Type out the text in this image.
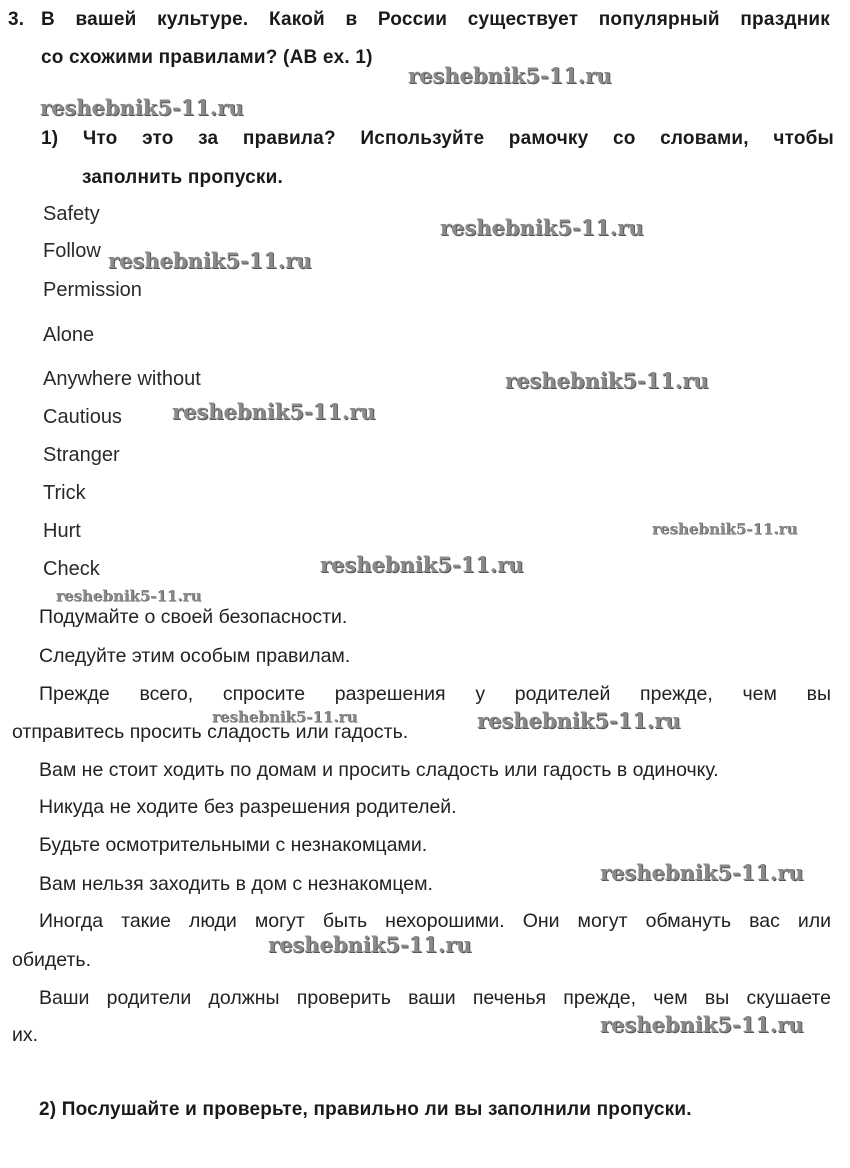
3. В вашей культуре. Какой в России существует популярный праздник
со схожими правилами? (AB ex. 1)
1) Что это за правила? Используйте рамочку со словами, чтобы
заполнить пропуски.
Safety
Follow
Permission
Alone
Anywhere without
Cautious
Stranger
Trick
Hurt
Check
Подумайте о своей безопасности.
Следуйте этим особым правилам.
Прежде всего, спросите разрешения у родителей прежде, чем вы
отправитесь просить сладость или гадость.
Вам не стоит ходить по домам и просить сладость или гадость в одиночку.
Никуда не ходите без разрешения родителей.
Будьте осмотрительными с незнакомцами.
Вам нельзя заходить в дом с незнакомцем.
Иногда такие люди могут быть нехорошими. Они могут обмануть вас или
обидеть.
Ваши родители должны проверить ваши печенья прежде, чем вы скушаете
их.
2) Послушайте и проверьте, правильно ли вы заполнили пропуски.
reshebnik5-11.ru
reshebnik5-11.ru
reshebnik5-11.ru
reshebnik5-11.ru
reshebnik5-11.ru
reshebnik5-11.ru
reshebnik5-11.ru
reshebnik5-11.ru
reshebnik5-11.ru
reshebnik5-11.ru	reshebnik5-11.ru
reshebnik5-11.ru
reshebnik5-11.ru
reshebnik5-11.ru
